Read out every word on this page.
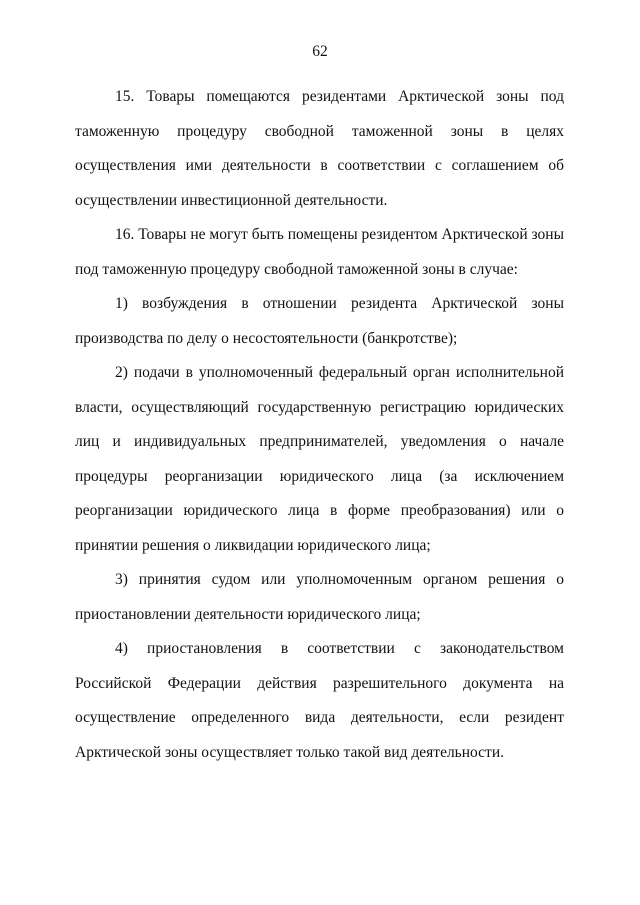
62

15. Товары помещаются резидентами Арктической зоны под таможенную процедуру свободной таможенной зоны в целях осуществления ими деятельности в соответствии с соглашением об осуществлении инвестиционной деятельности.

16. Товары не могут быть помещены резидентом Арктической зоны под таможенную процедуру свободной таможенной зоны в случае:

1) возбуждения в отношении резидента Арктической зоны производства по делу о несостоятельности (банкротстве);

2) подачи в уполномоченный федеральный орган исполнительной власти, осуществляющий государственную регистрацию юридических лиц и индивидуальных предпринимателей, уведомления о начале процедуры реорганизации юридического лица (за исключением реорганизации юридического лица в форме преобразования) или о принятии решения о ликвидации юридического лица;

3) принятия судом или уполномоченным органом решения о приостановлении деятельности юридического лица;

4) приостановления в соответствии с законодательством Российской Федерации действия разрешительного документа на осуществление определенного вида деятельности, если резидент Арктической зоны осуществляет только такой вид деятельности.
